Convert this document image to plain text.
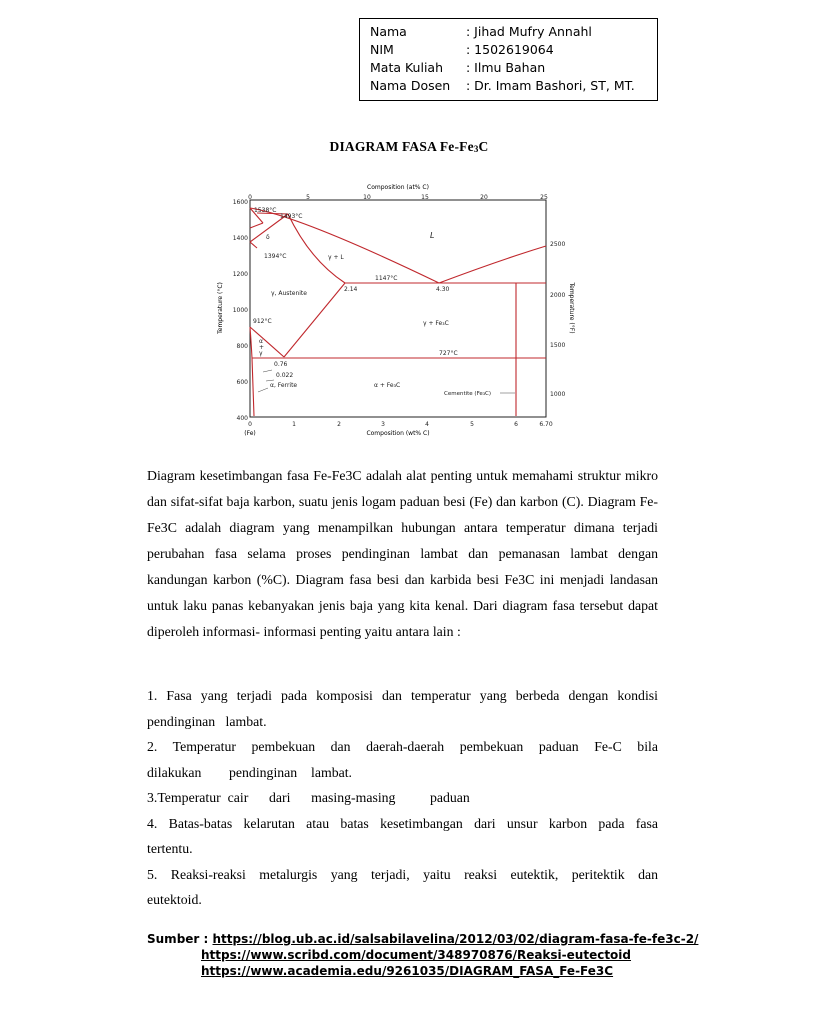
Nama	: Jihad Mufry Annahl
NIM	: 1502619064
Mata Kuliah	: Ilmu Bahan
Nama Dosen	: Dr. Imam Bashori, ST, MT.
DIAGRAM FASA $Fe-Fe_3C$
Composition (at% C)
0	5	10	15	20	25
1600
1400
1200
1000
800
600
400
Temperature (°C)
2500
2000
1500
1000
Temperature (°F)
0	1	2	3	4	5	6	6.70
(Fe)	Composition (wt% C)
1538°C
1493°C
δ
1394°C
L
γ + L
1147°C
2.14	4.30
γ, Austenite
912°C	γ + Fe₃C
727°C
α
+
γ
0.76
0.022
α, Ferrite	α + Fe₃C
Cementite (Fe₃C)
Diagram kesetimbangan fasa Fe-Fe3C adalah alat penting untuk memahami struktur mikro dan sifat-sifat baja karbon, suatu jenis logam paduan besi (Fe) dan karbon (C). Diagram Fe-Fe3C adalah diagram yang menampilkan hubungan antara temperatur dimana terjadi perubahan fasa selama proses pendinginan lambat dan pemanasan lambat dengan kandungan karbon (%C). Diagram fasa besi dan karbida besi Fe3C ini menjadi landasan untuk laku panas kebanyakan jenis baja yang kita kenal. Dari diagram fasa tersebut dapat diperoleh informasi- informasi penting yaitu antara lain :
1. Fasa yang terjadi pada komposisi dan temperatur yang berbeda dengan kondisi
pendinginan   lambat.
2. Temperatur pembekuan dan daerah-daerah pembekuan paduan Fe-C bila
dilakukan        pendinginan    lambat.
3.Temperatur  cair      dari      masing-masing          paduan
4. Batas-batas kelarutan atau batas kesetimbangan dari unsur karbon pada fasa
tertentu.
5. Reaksi-reaksi metalurgis yang terjadi, yaitu reaksi eutektik, peritektik dan
eutektoid.
Sumber : https://blog.ub.ac.id/salsabilavelina/2012/03/02/diagram-fasa-fe-fe3c-2/
https://www.scribd.com/document/348970876/Reaksi-eutectoid
https://www.academia.edu/9261035/DIAGRAM_FASA_Fe-Fe3C
